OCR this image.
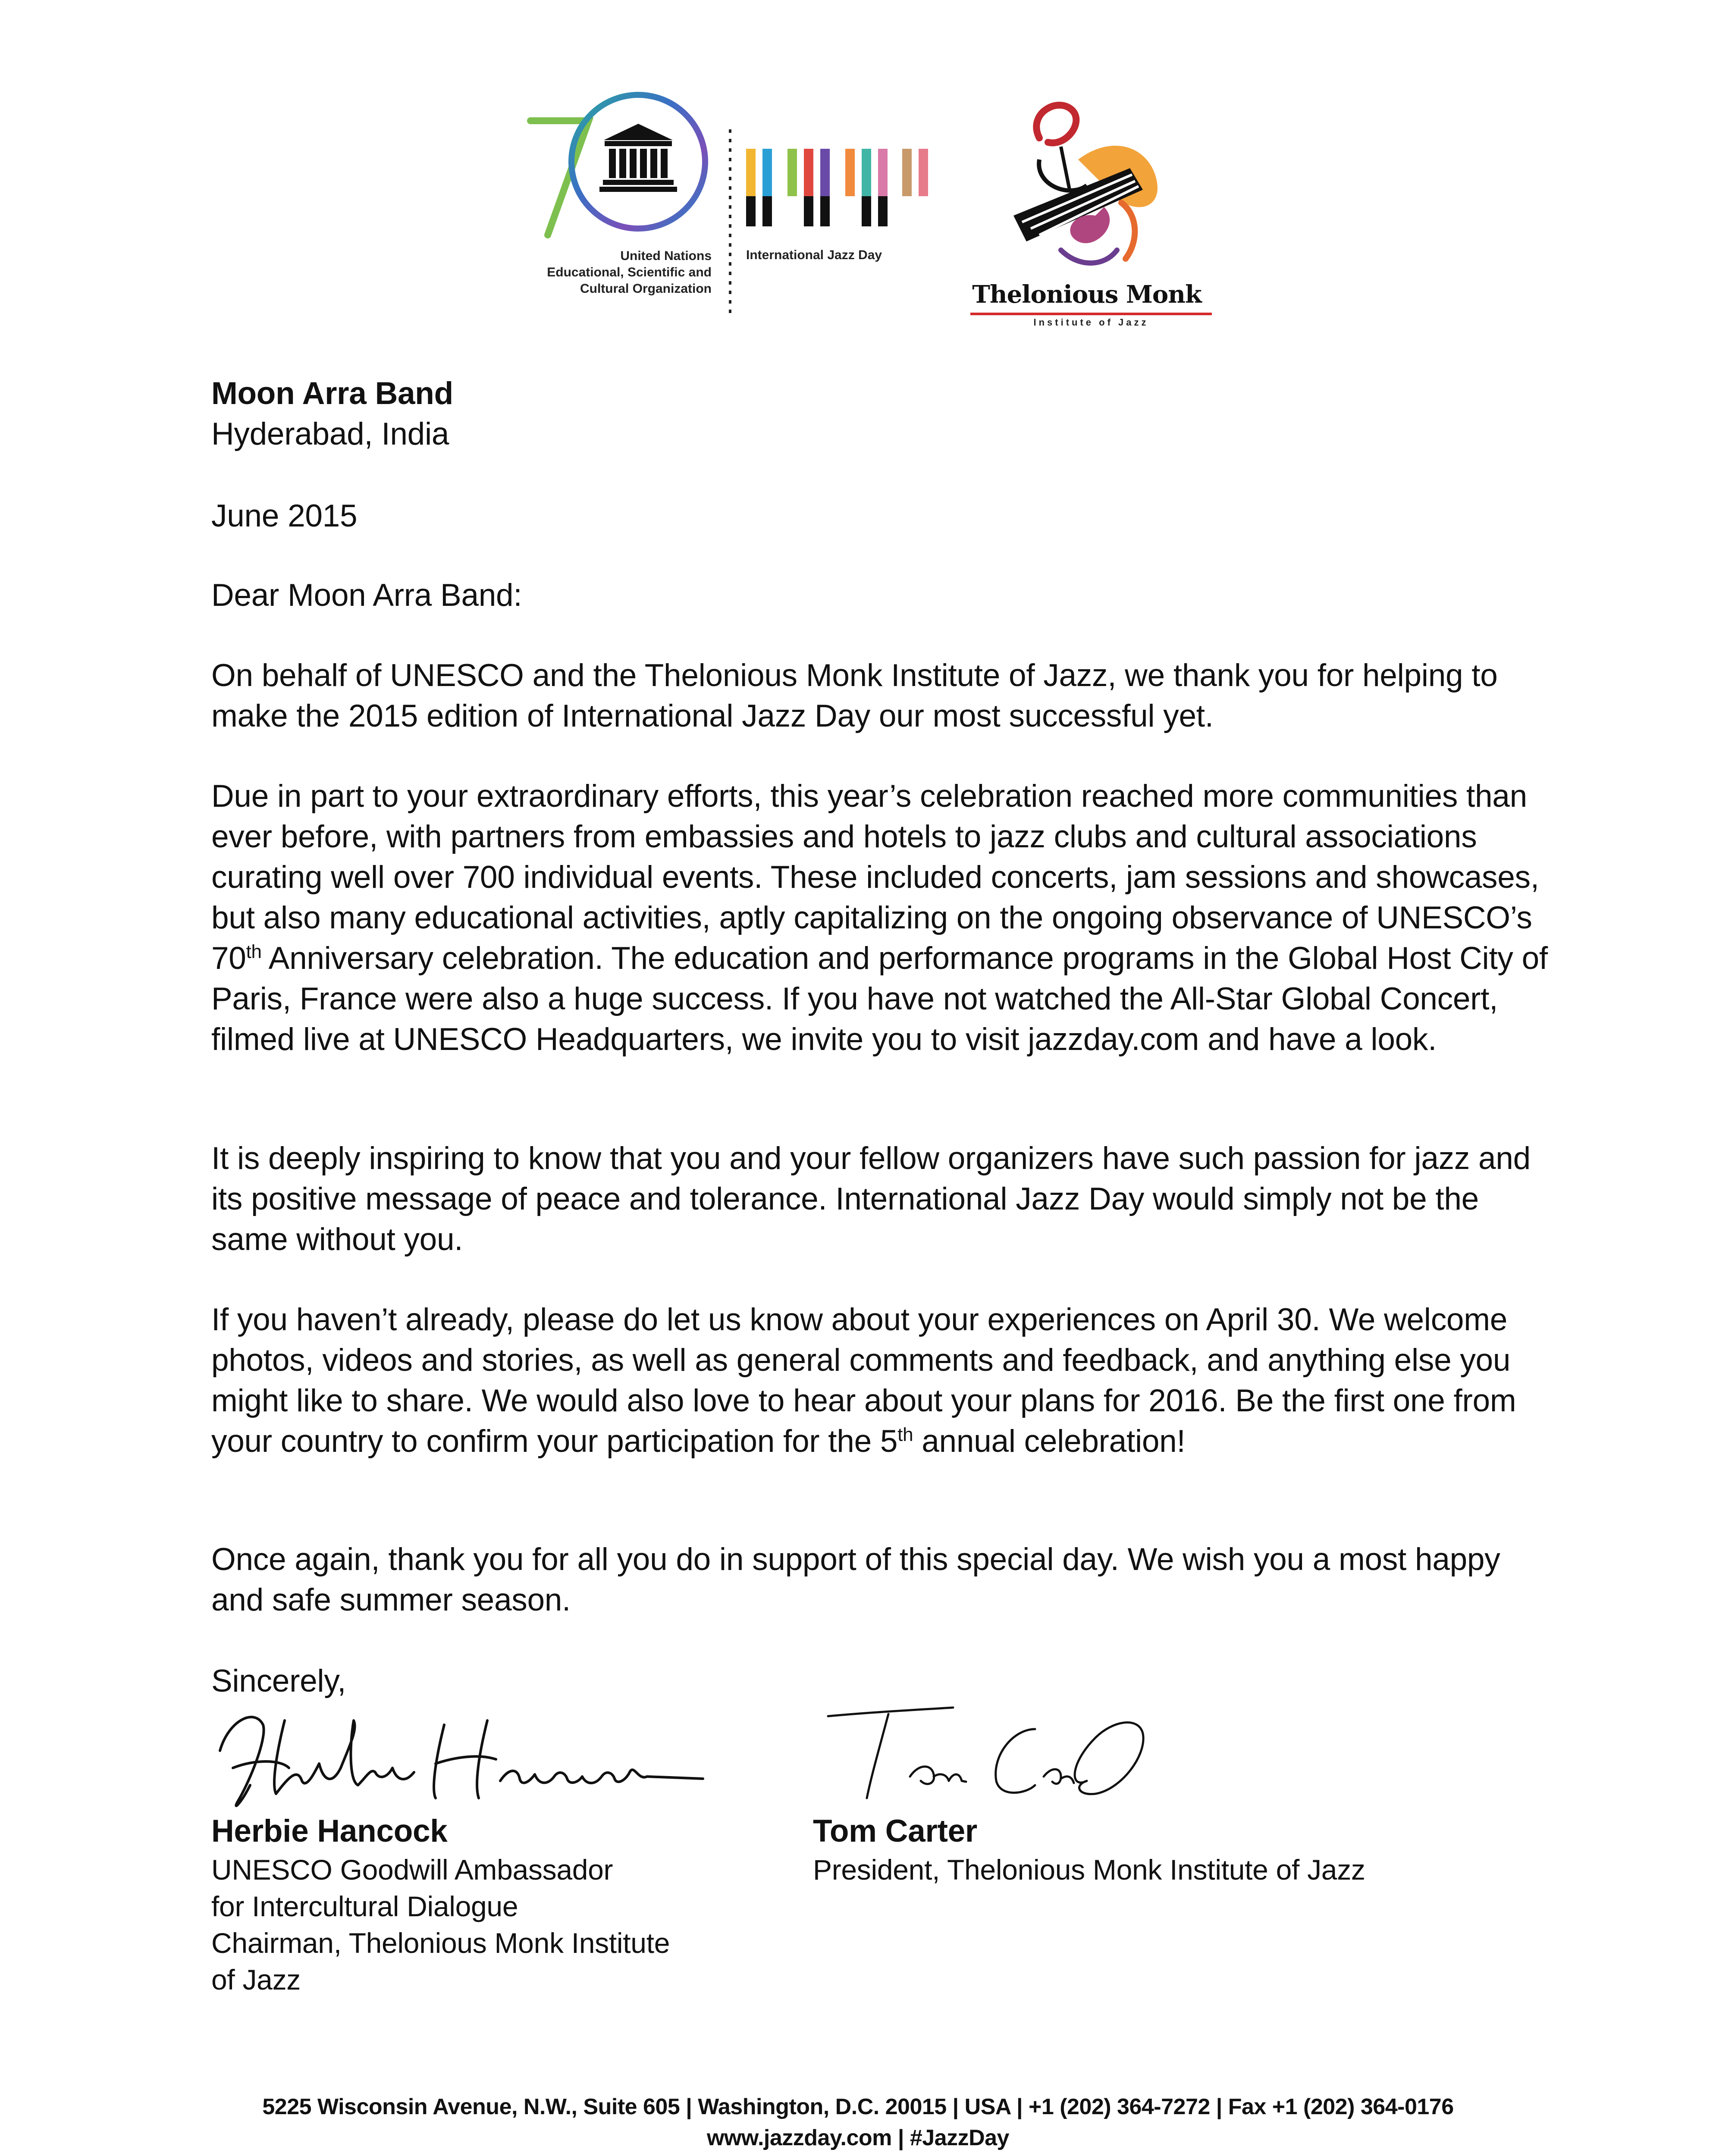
United Nations
Educational, Scientific and
Cultural Organization
International Jazz Day
Thelonious Monk
Institute of Jazz
Moon Arra Band
Hyderabad, India
June 2015
Dear Moon Arra Band:
On behalf of UNESCO and the Thelonious Monk Institute of Jazz, we thank you for helping to make the 2015 edition of International Jazz Day our most successful yet.
Due in part to your extraordinary efforts, this year’s celebration reached more communities than ever before, with partners from embassies and hotels to jazz clubs and cultural associations curating well over 700 individual events. These included concerts, jam sessions and showcases, but also many educational activities, aptly capitalizing on the ongoing observance of UNESCO’s 70th Anniversary celebration. The education and performance programs in the Global Host City of Paris, France were also a huge success. If you have not watched the All-Star Global Concert, filmed live at UNESCO Headquarters, we invite you to visit jazzday.com and have a look.
It is deeply inspiring to know that you and your fellow organizers have such passion for jazz and its positive message of peace and tolerance. International Jazz Day would simply not be the same without you.
If you haven’t already, please do let us know about your experiences on April 30. We welcome photos, videos and stories, as well as general comments and feedback, and anything else you might like to share. We would also love to hear about your plans for 2016. Be the first one from your country to confirm your participation for the 5th annual celebration!
Once again, thank you for all you do in support of this special day. We wish you a most happy and safe summer season.
Sincerely,
Herbie Hancock
UNESCO Goodwill Ambassador
for Intercultural Dialogue
Chairman, Thelonious Monk Institute
of Jazz
Tom Carter
President, Thelonious Monk Institute of Jazz
5225 Wisconsin Avenue, N.W., Suite 605 | Washington, D.C. 20015 | USA | +1 (202) 364-7272 | Fax +1 (202) 364-0176
www.jazzday.com | #JazzDay
